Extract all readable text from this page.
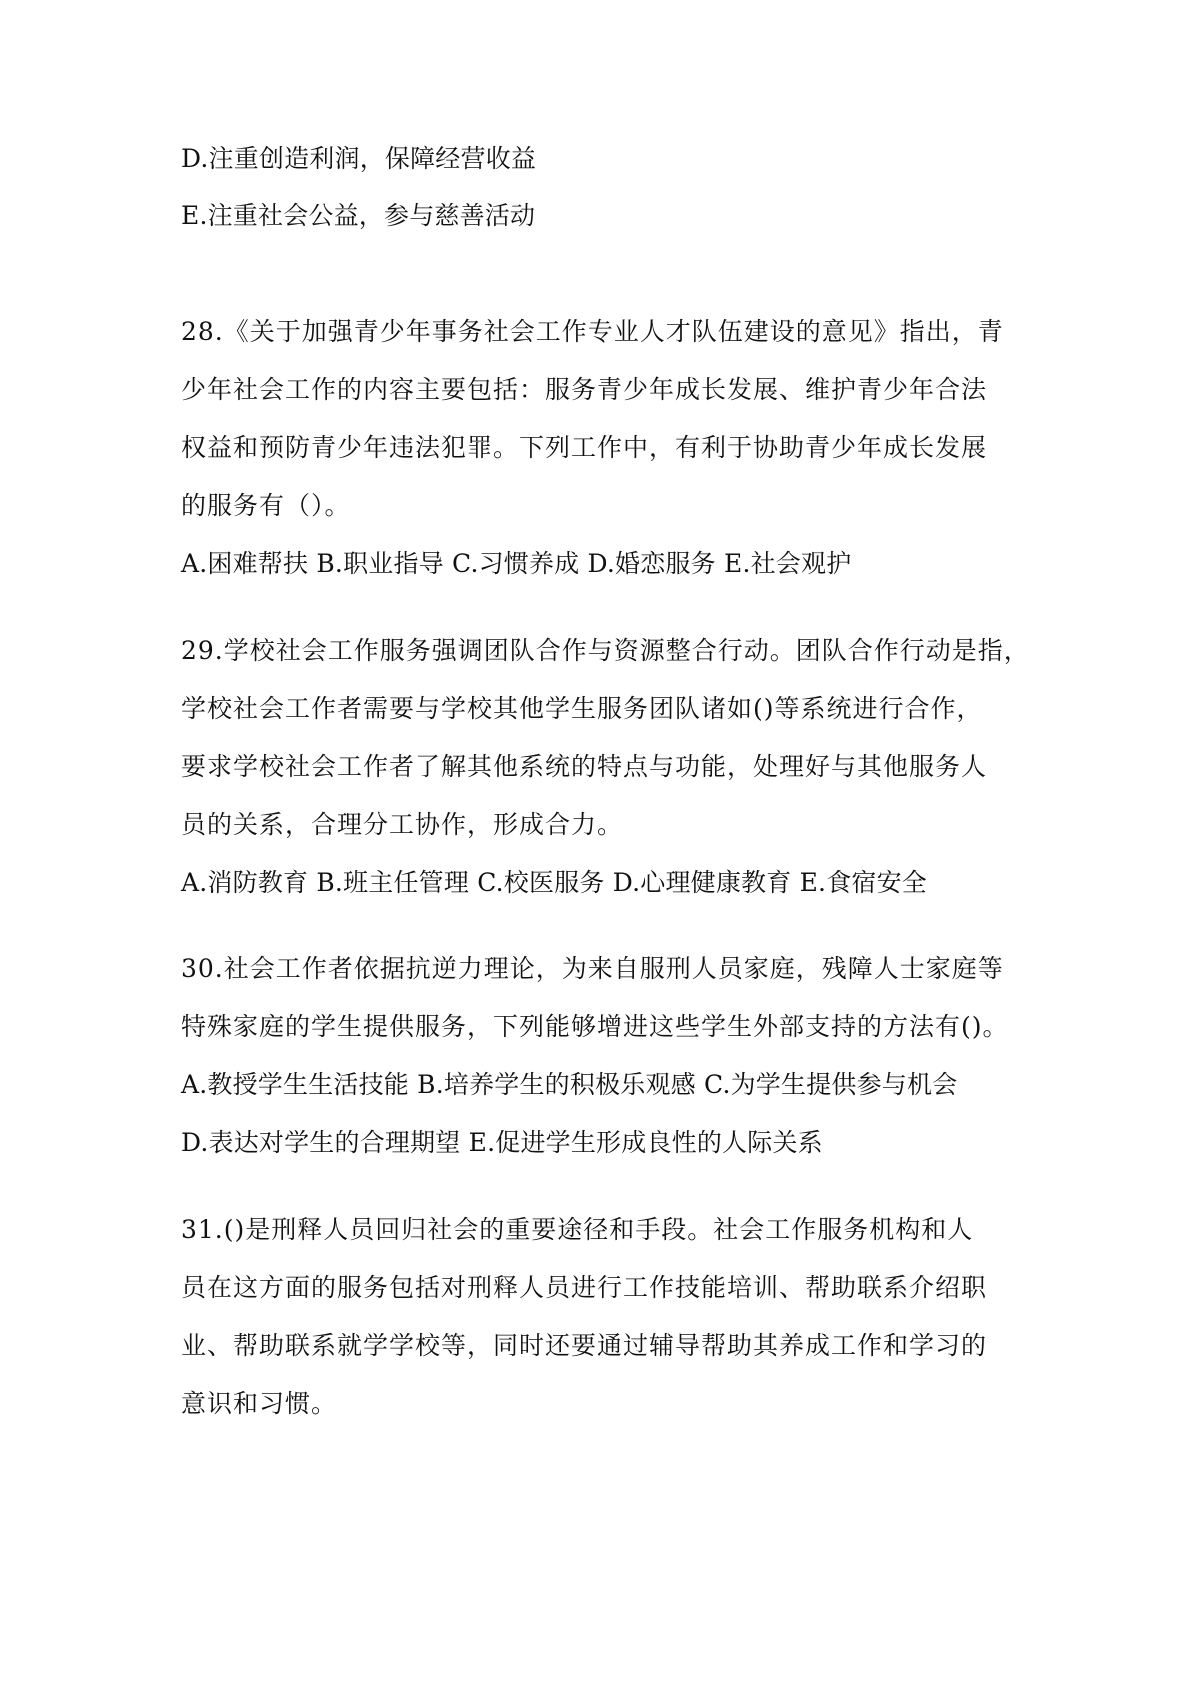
D.注重创造利润，保障经营收益
E.注重社会公益，参与慈善活动
28.《关于加强青少年事务社会工作专业人才队伍建设的意见》指出，青
少年社会工作的内容主要包括：服务青少年成长发展、维护青少年合法
权益和预防青少年违法犯罪。下列工作中，有利于协助青少年成长发展
的服务有（）。
A.困难帮扶 B.职业指导 C.习惯养成 D.婚恋服务 E.社会观护
29.学校社会工作服务强调团队合作与资源整合行动。团队合作行动是指，
学校社会工作者需要与学校其他学生服务团队诸如()等系统进行合作，
要求学校社会工作者了解其他系统的特点与功能，处理好与其他服务人
员的关系，合理分工协作，形成合力。
A.消防教育 B.班主任管理 C.校医服务 D.心理健康教育 E.食宿安全
30.社会工作者依据抗逆力理论，为来自服刑人员家庭，残障人士家庭等
特殊家庭的学生提供服务，下列能够增进这些学生外部支持的方法有()。
A.教授学生生活技能 B.培养学生的积极乐观感 C.为学生提供参与机会
D.表达对学生的合理期望 E.促进学生形成良性的人际关系
31.()是刑释人员回归社会的重要途径和手段。社会工作服务机构和人
员在这方面的服务包括对刑释人员进行工作技能培训、帮助联系介绍职
业、帮助联系就学学校等，同时还要通过辅导帮助其养成工作和学习的
意识和习惯。
